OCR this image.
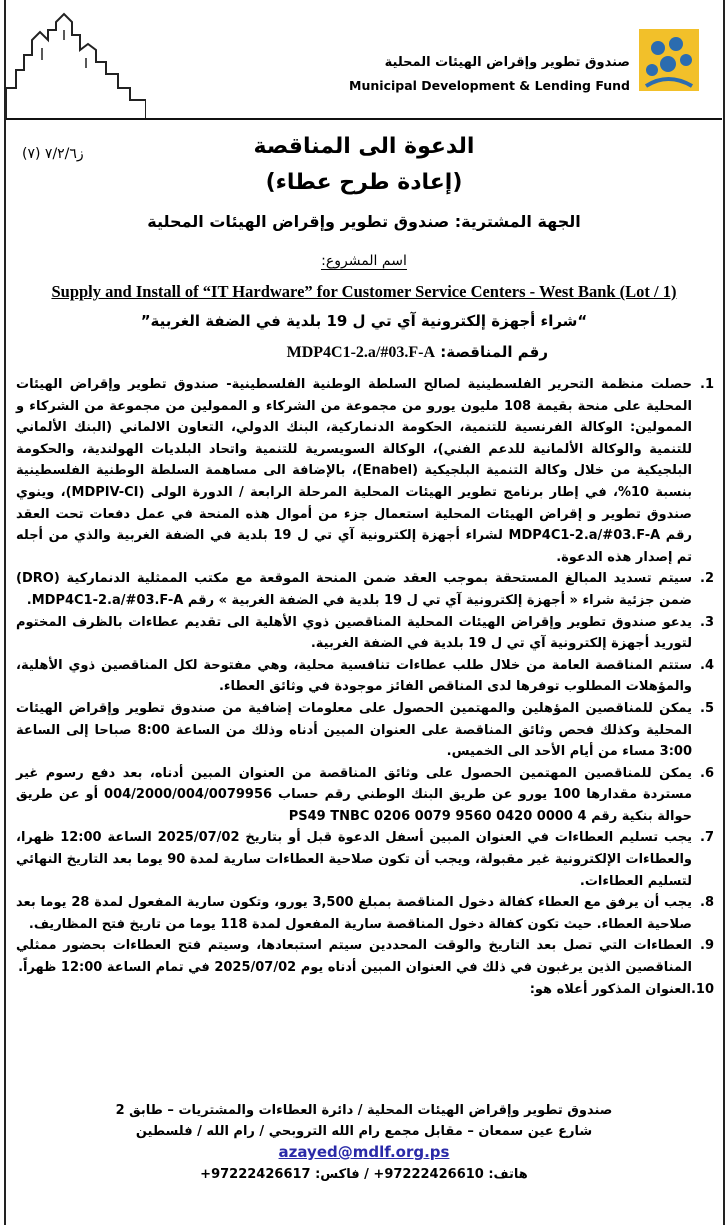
صندوق تطوير وإقراض الهيئات المحلية
Municipal Development & Lending Fund
ز٧/٢/٦ (٧)	الدعوة الى المناقصة
(إعادة طرح عطاء)
الجهة المشترية: صندوق تطوير وإقراض الهيئات المحلية
اسم المشروع:
Supply and Install of “IT Hardware” for Customer Service Centers - West Bank (Lot / 1)
“شراء أجهزة إلكترونية آي تي ل 19 بلدية في الضفة الغربية”
رقم المناقصة: MDP4C1-2.a/#03.F-A
1.
حصلت منظمة التحرير الفلسطينية لصالح السلطة الوطنية الفلسطينية- صندوق تطوير وإقراض الهيئات المحلية على منحة بقيمة 108 مليون يورو من مجموعة من الشركاء و الممولين من مجموعة من الشركاء و الممولين: الوكالة الفرنسية للتنمية، الحكومة الدنماركية، البنك الدولي، التعاون الالماني (البنك الألماني للتنمية والوكالة الألمانية للدعم الفني)، الوكالة السويسرية للتنمية واتحاد البلديات الهولندية، والحكومة البلجيكية من خلال وكالة التنمية البلجيكية (Enabel)، بالإضافة الى مساهمة السلطة الوطنية الفلسطينية بنسبة 10%، في إطار برنامج تطوير الهيئات المحلية المرحلة الرابعة / الدورة الولى (MDPIV-CI)، وينوي صندوق تطوير و إقراض الهيئات المحلية استعمال جزء من أموال هذه المنحة في عمل دفعات تحت العقد رقم MDP4C1-2.a/#03.F-A لشراء أجهزة إلكترونية آي تي ل 19 بلدية في الضفة الغربية والذي من أجله تم إصدار هذه الدعوة.
2.
سيتم تسديد المبالغ المستحقة بموجب العقد ضمن المنحة الموقعة مع مكتب الممثلية الدنماركية (DRO) ضمن جزئية شراء « أجهزة إلكترونية آي تي ل 19 بلدية في الضفة الغربية » رقم MDP4C1-2.a/#03.F-A.
3.
يدعو صندوق تطوير وإقراض الهيئات المحلية المناقصين ذوي الأهلية الى تقديم عطاءات بالظرف المختوم لتوريد أجهزة إلكترونية آي تي ل 19 بلدية في الضفة الغربية.
4.
ستتم المناقصة العامة من خلال طلب عطاءات تنافسية محلية، وهي مفتوحة لكل المناقصين ذوي الأهلية، والمؤهلات المطلوب توفرها لدى المناقص الفائز موجودة في وثائق العطاء.
5.
يمكن للمناقصين المؤهلين والمهتمين الحصول على معلومات إضافية من صندوق تطوير وإقراض الهيئات المحلية وكذلك فحص وثائق المناقصة على العنوان المبين أدناه وذلك من الساعة 8:00 صباحا إلى الساعة 3:00 مساء من أيام الأحد الى الخميس.
6.
يمكن للمناقصين المهتمين الحصول على وثائق المناقصة من العنوان المبين أدناه، بعد دفع رسوم غير مستردة مقدارها 100 يورو عن طريق البنك الوطني رقم حساب 004/2000/004/0079956 أو عن طريق حوالة بنكية رقم PS49 TNBC 0206 0079 9560 0420 0000 4
7.
يجب تسليم العطاءات في العنوان المبين أسفل الدعوة قبل أو بتاريخ 2025/07/02 الساعة 12:00 ظهرا، والعطاءات الإلكترونية غير مقبولة، ويجب أن تكون صلاحية العطاءات سارية لمدة 90 يوما بعد التاريخ النهائي لتسليم العطاءات.
8.
يجب أن يرفق مع العطاء كفالة دخول المناقصة بمبلغ 3,500 يورو، وتكون سارية المفعول لمدة 28 يوما بعد صلاحية العطاء. حيث تكون كفالة دخول المناقصة سارية المفعول لمدة 118 يوما من تاريخ فتح المظاريف.
9.
العطاءات التي تصل بعد التاريخ والوقت المحددين سيتم استبعادها، وسيتم فتح العطاءات بحضور ممثلي المناقصين الذين يرغبون في ذلك في العنوان المبين أدناه يوم 2025/07/02 في تمام الساعة 12:00 ظهراً.
10.
العنوان المذكور أعلاه هو:
صندوق تطوير وإقراض الهيئات المحلية / دائرة العطاءات والمشتريات – طابق 2
شارع عين سمعان – مقابل مجمع رام الله التروبحي / رام الله / فلسطين
azayed@mdlf.org.ps
هاتف: 97222426610+ / فاكس: 97222426617+
